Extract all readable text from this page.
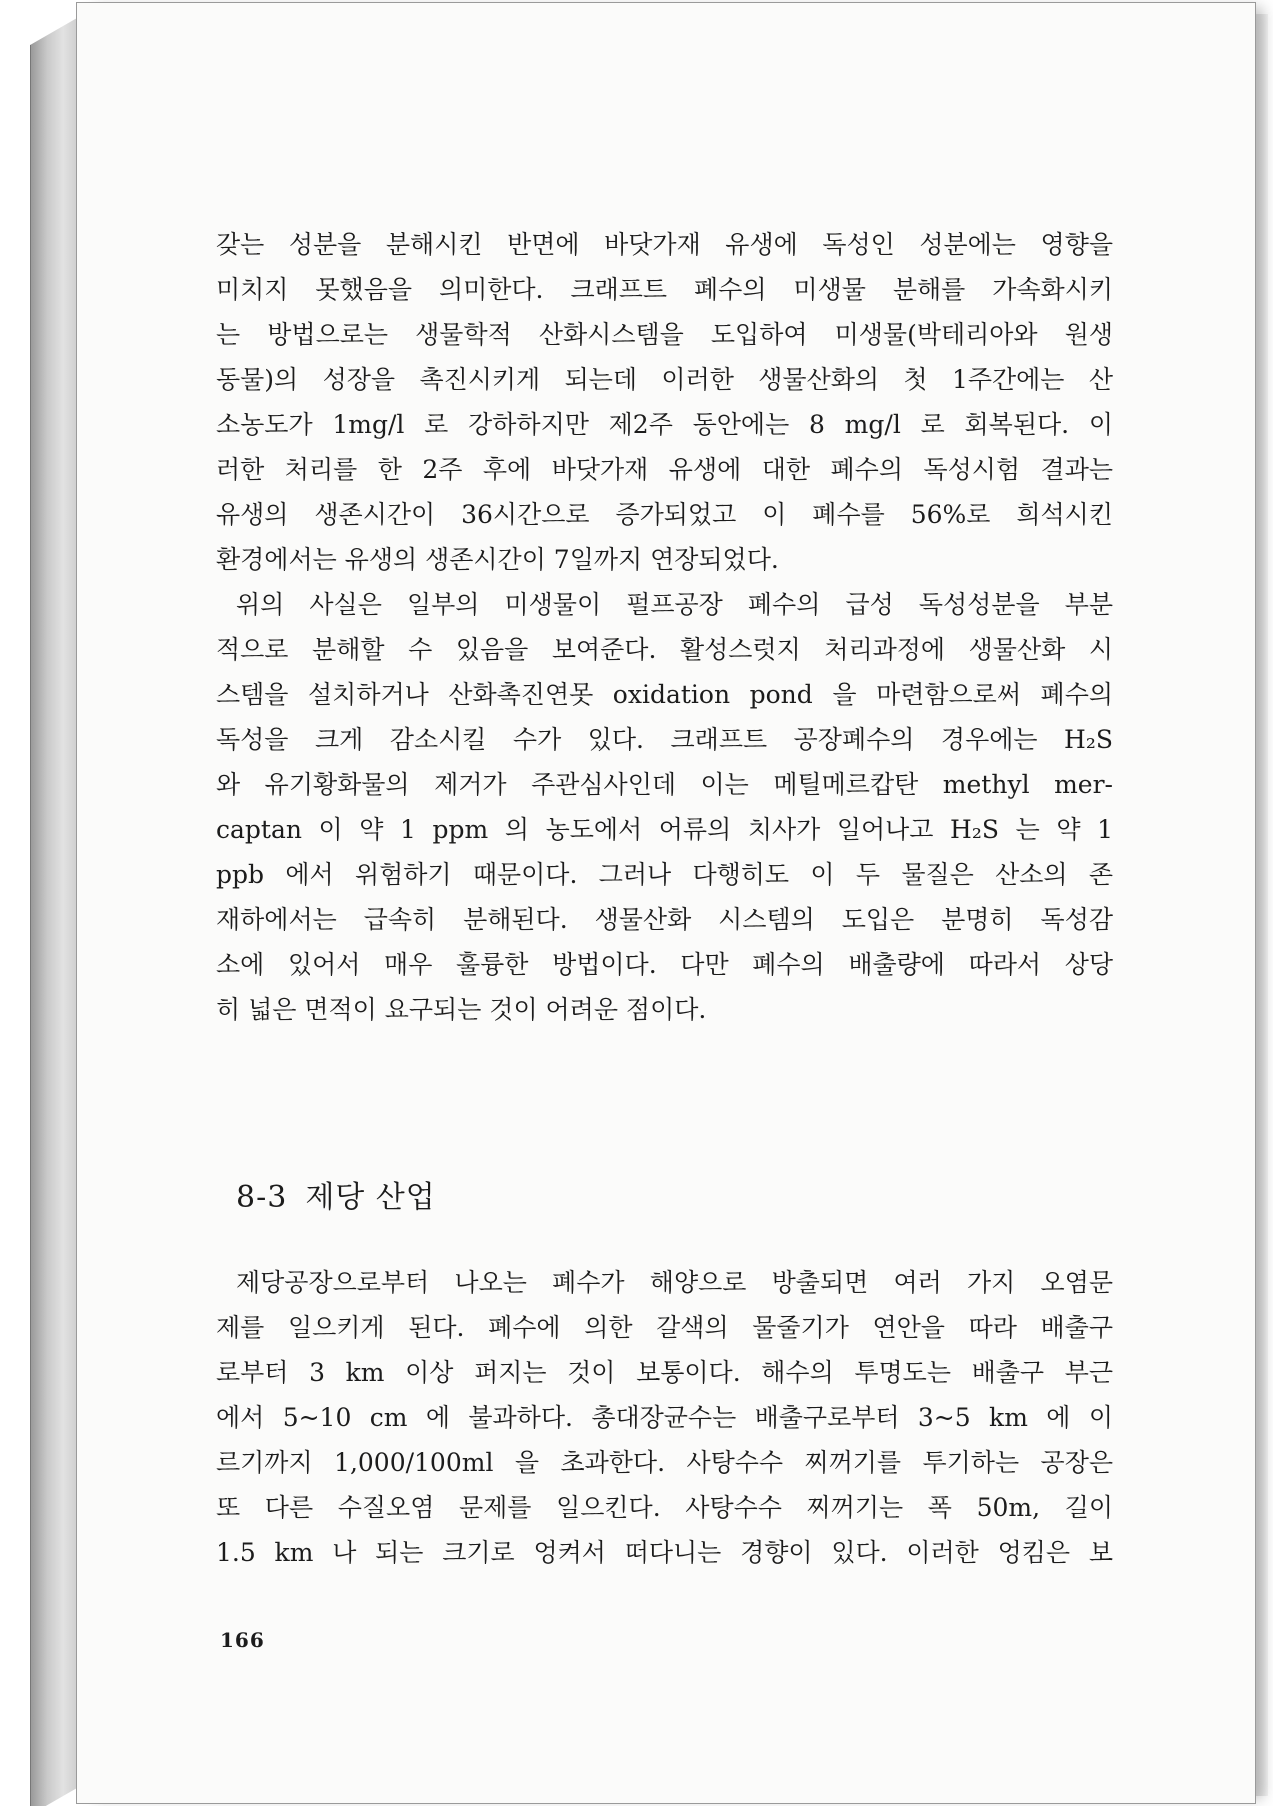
갖는 성분을 분해시킨 반면에 바닷가재 유생에 독성인 성분에는 영향을
미치지 못했음을 의미한다. 크래프트 폐수의 미생물 분해를 가속화시키
는 방법으로는 생물학적 산화시스템을 도입하여 미생물(박테리아와 원생
동물)의 성장을 촉진시키게 되는데 이러한 생물산화의 첫 1주간에는 산
소농도가 1mg/l 로 강하하지만 제2주 동안에는 8 mg/l 로 회복된다. 이
러한 처리를 한 2주 후에 바닷가재 유생에 대한 폐수의 독성시험 결과는
유생의 생존시간이 36시간으로 증가되었고 이 폐수를 56%로 희석시킨
환경에서는 유생의 생존시간이 7일까지 연장되었다.

위의 사실은 일부의 미생물이 펄프공장 폐수의 급성 독성성분을 부분
적으로 분해할 수 있음을 보여준다. 활성스럿지 처리과정에 생물산화 시
스템을 설치하거나 산화촉진연못 oxidation pond 을 마련함으로써 폐수의
독성을 크게 감소시킬 수가 있다. 크래프트 공장폐수의 경우에는 H₂S
와 유기황화물의 제거가 주관심사인데 이는 메틸메르캅탄 methyl mer-
captan 이 약 1 ppm 의 농도에서 어류의 치사가 일어나고 H₂S 는 약 1
ppb 에서 위험하기 때문이다. 그러나 다행히도 이 두 물질은 산소의 존
재하에서는 급속히 분해된다. 생물산화 시스템의 도입은 분명히 독성감
소에 있어서 매우 훌륭한 방법이다. 다만 폐수의 배출량에 따라서 상당
히 넓은 면적이 요구되는 것이 어려운 점이다.

8-3 제당 산업

제당공장으로부터 나오는 폐수가 해양으로 방출되면 여러 가지 오염문
제를 일으키게 된다. 폐수에 의한 갈색의 물줄기가 연안을 따라 배출구
로부터 3 km 이상 퍼지는 것이 보통이다. 해수의 투명도는 배출구 부근
에서 5~10 cm 에 불과하다. 총대장균수는 배출구로부터 3~5 km 에 이
르기까지 1,000/100ml 을 초과한다. 사탕수수 찌꺼기를 투기하는 공장은
또 다른 수질오염 문제를 일으킨다. 사탕수수 찌꺼기는 폭 50m, 길이
1.5 km 나 되는 크기로 엉켜서 떠다니는 경향이 있다. 이러한 엉킴은 보

166
